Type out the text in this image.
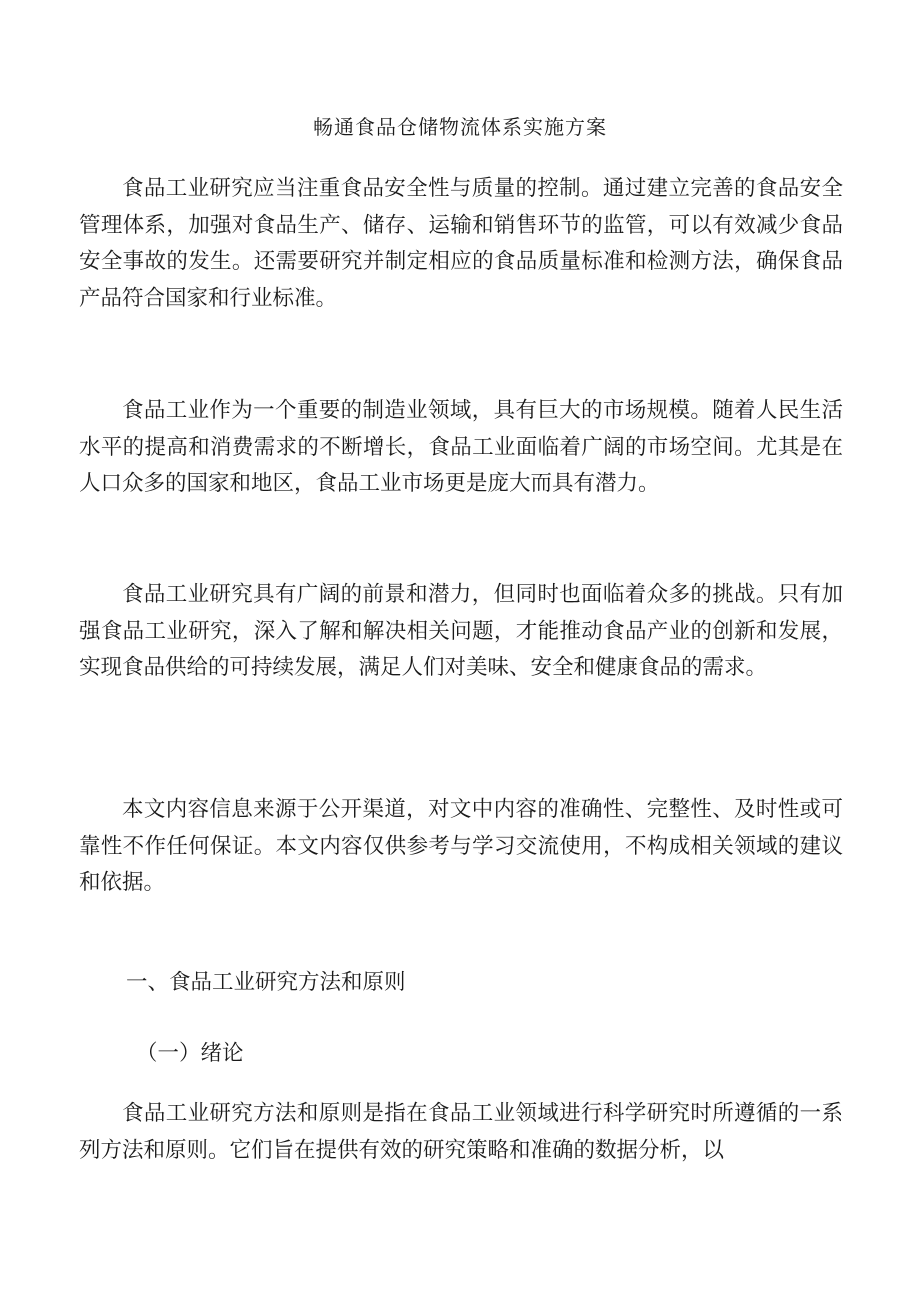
畅通食品仓储物流体系实施方案

食品工业研究应当注重食品安全性与质量的控制。通过建立完善的食品安全管理体系，加强对食品生产、储存、运输和销售环节的监管，可以有效减少食品安全事故的发生。还需要研究并制定相应的食品质量标准和检测方法，确保食品产品符合国家和行业标准。

食品工业作为一个重要的制造业领域，具有巨大的市场规模。随着人民生活水平的提高和消费需求的不断增长，食品工业面临着广阔的市场空间。尤其是在人口众多的国家和地区，食品工业市场更是庞大而具有潜力。

食品工业研究具有广阔的前景和潜力，但同时也面临着众多的挑战。只有加强食品工业研究，深入了解和解决相关问题，才能推动食品产业的创新和发展，实现食品供给的可持续发展，满足人们对美味、安全和健康食品的需求。

本文内容信息来源于公开渠道，对文中内容的准确性、完整性、及时性或可靠性不作任何保证。本文内容仅供参考与学习交流使用，不构成相关领域的建议和依据。

一、食品工业研究方法和原则
（一）绪论

食品工业研究方法和原则是指在食品工业领域进行科学研究时所遵循的一系列方法和原则。它们旨在提供有效的研究策略和准确的数据分析，以
